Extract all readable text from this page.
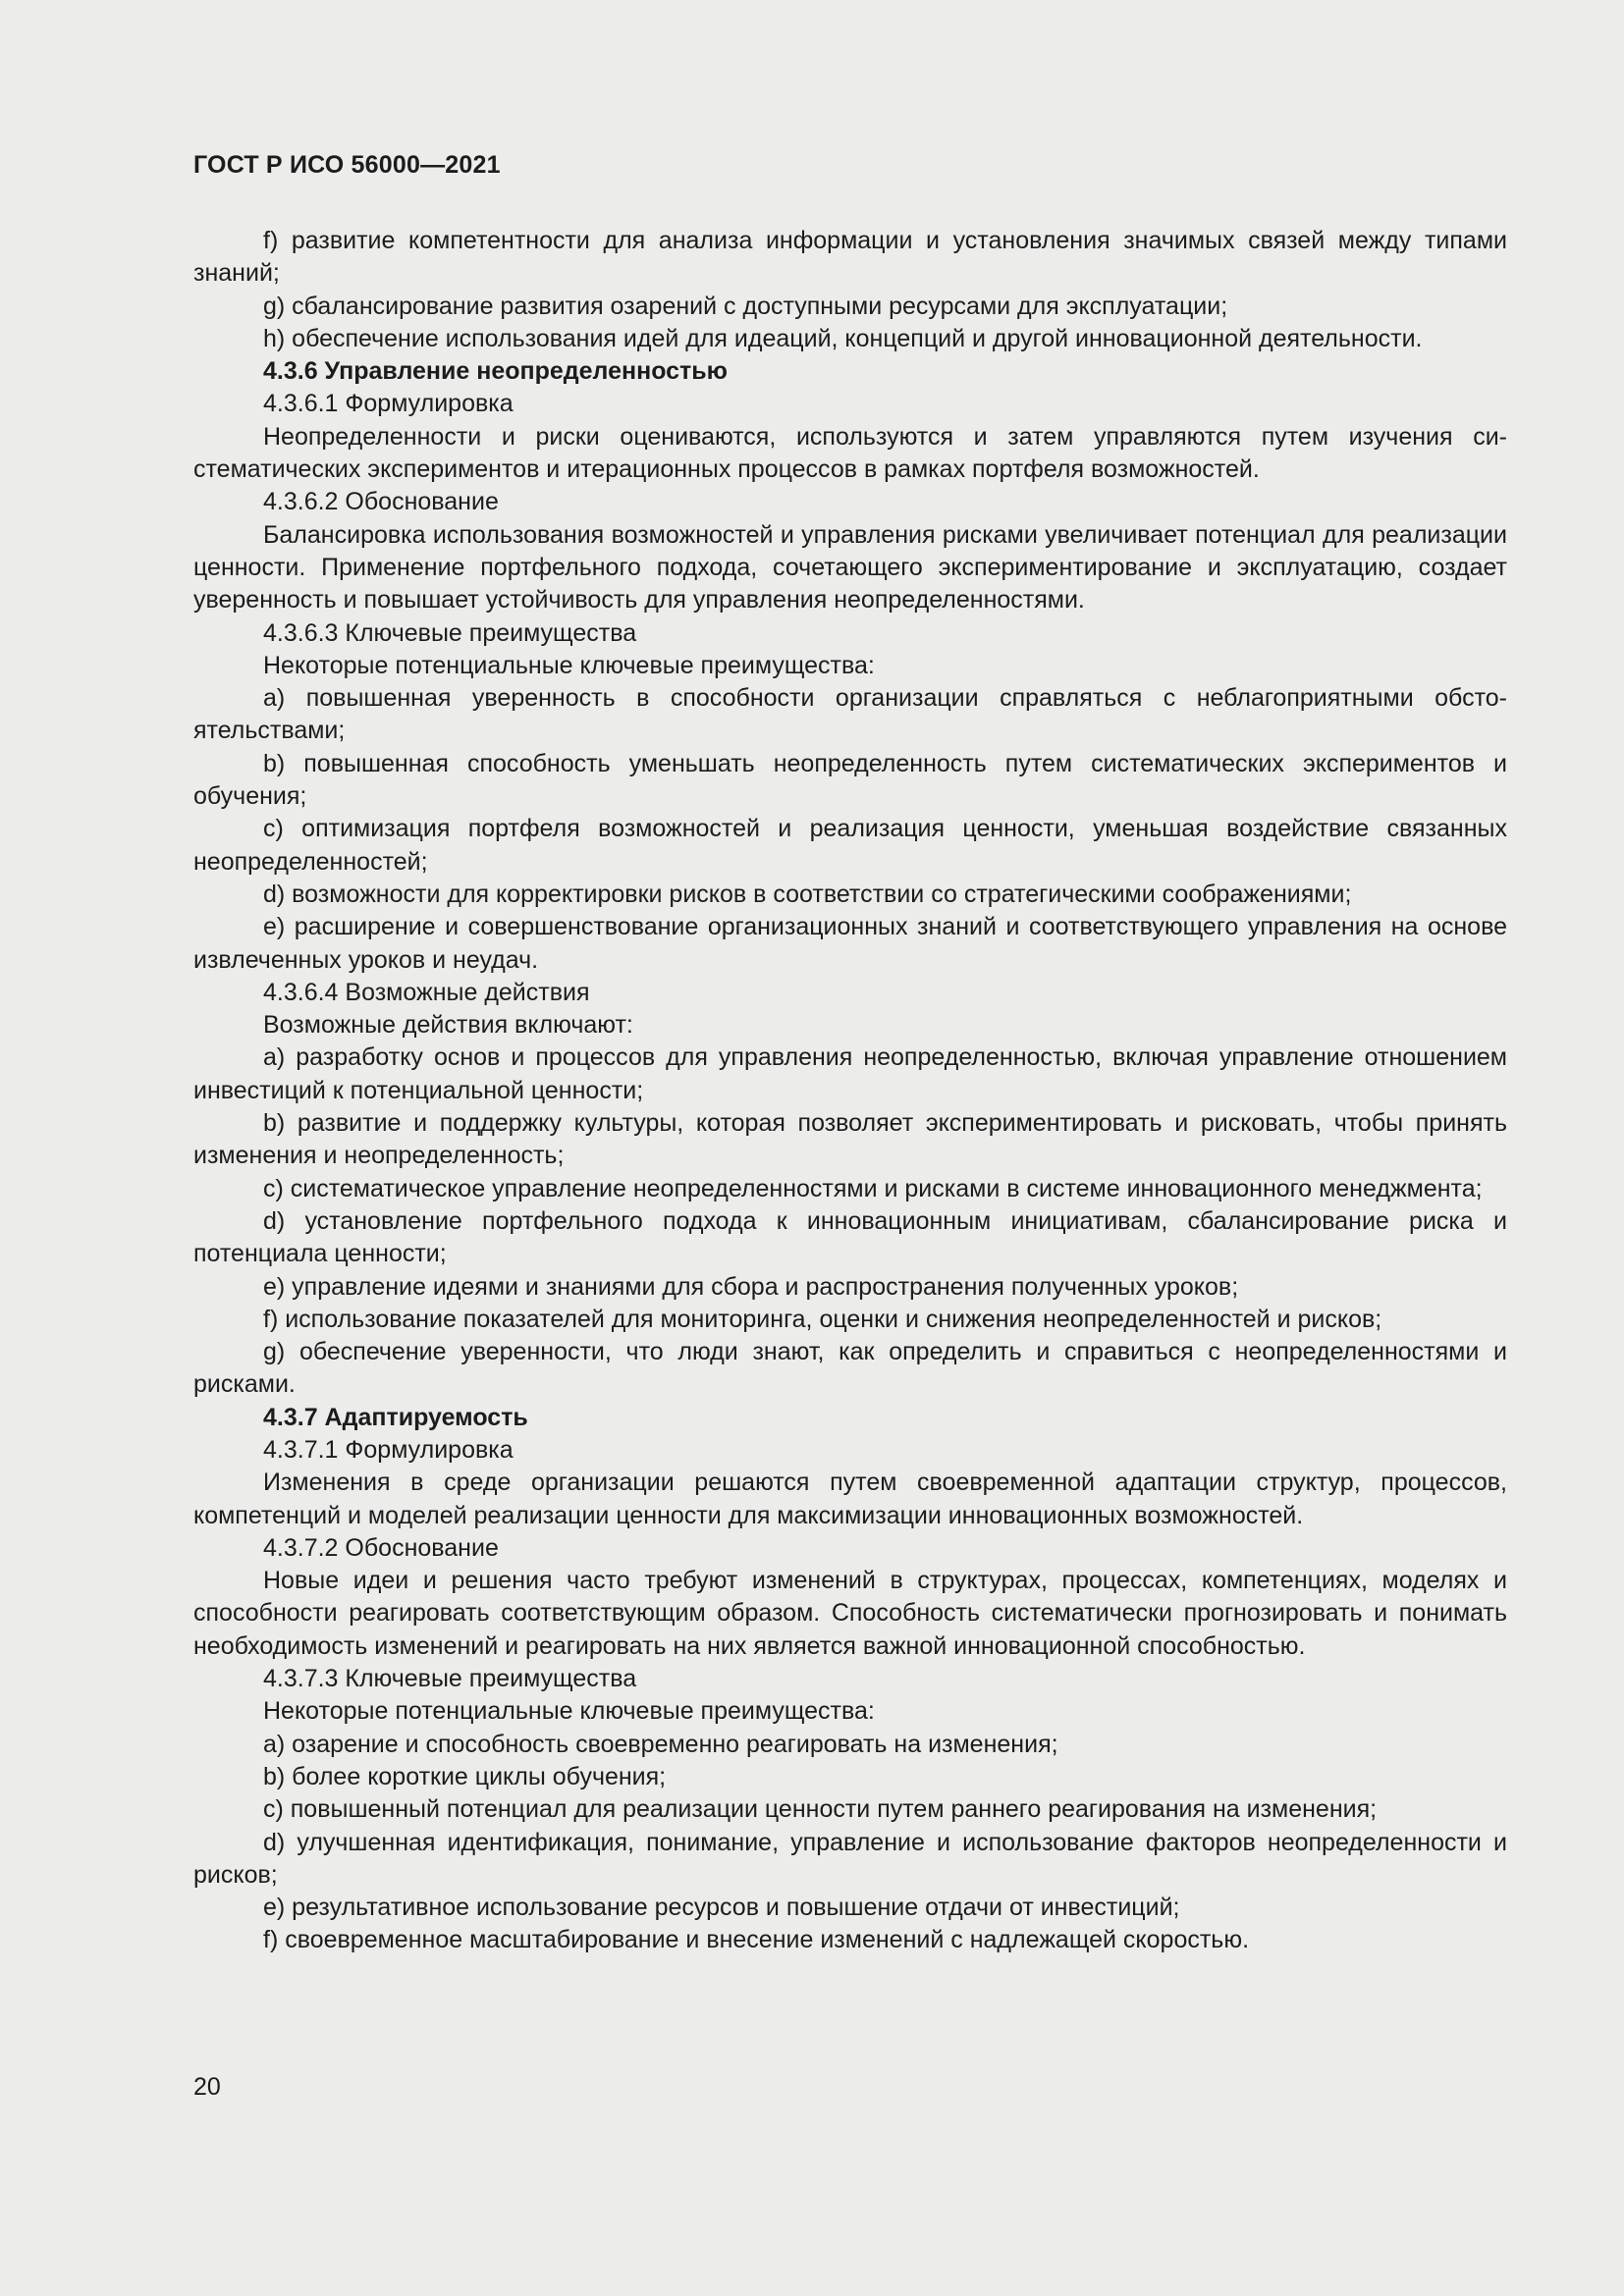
ГОСТ Р ИСО 56000—2021

f) развитие компетентности для анализа информации и установления значимых связей между типами знаний;

g) сбалансирование развития озарений с доступными ресурсами для эксплуатации;

h) обеспечение использования идей для идеаций, концепций и другой инновационной деятельности.

4.3.6 Управление неопределенностью

4.3.6.1 Формулировка

Неопределенности и риски оцениваются, используются и затем управляются путем изучения систематических экспериментов и итерационных процессов в рамках портфеля возможностей.

4.3.6.2 Обоснование

Балансировка использования возможностей и управления рисками увеличивает потенциал для реализации ценности. Применение портфельного подхода, сочетающего экспериментирование и эксплуатацию, создает уверенность и повышает устойчивость для управления неопределенностями.

4.3.6.3 Ключевые преимущества

Некоторые потенциальные ключевые преимущества:

a) повышенная уверенность в способности организации справляться с неблагоприятными обстоятельствами;

b) повышенная способность уменьшать неопределенность путем систематических экспериментов и обучения;

c) оптимизация портфеля возможностей и реализация ценности, уменьшая воздействие связанных неопределенностей;

d) возможности для корректировки рисков в соответствии со стратегическими соображениями;

e) расширение и совершенствование организационных знаний и соответствующего управления на основе извлеченных уроков и неудач.

4.3.6.4 Возможные действия

Возможные действия включают:

a) разработку основ и процессов для управления неопределенностью, включая управление отношением инвестиций к потенциальной ценности;

b) развитие и поддержку культуры, которая позволяет экспериментировать и рисковать, чтобы принять изменения и неопределенность;

c) систематическое управление неопределенностями и рисками в системе инновационного менеджмента;

d) установление портфельного подхода к инновационным инициативам, сбалансирование риска и потенциала ценности;

e) управление идеями и знаниями для сбора и распространения полученных уроков;

f) использование показателей для мониторинга, оценки и снижения неопределенностей и рисков;

g) обеспечение уверенности, что люди знают, как определить и справиться с неопределенностями и рисками.

4.3.7 Адаптируемость

4.3.7.1 Формулировка

Изменения в среде организации решаются путем своевременной адаптации структур, процессов, компетенций и моделей реализации ценности для максимизации инновационных возможностей.

4.3.7.2 Обоснование

Новые идеи и решения часто требуют изменений в структурах, процессах, компетенциях, моделях и способности реагировать соответствующим образом. Способность систематически прогнозировать и понимать необходимость изменений и реагировать на них является важной инновационной способностью.

4.3.7.3 Ключевые преимущества

Некоторые потенциальные ключевые преимущества:

a) озарение и способность своевременно реагировать на изменения;

b) более короткие циклы обучения;

c) повышенный потенциал для реализации ценности путем раннего реагирования на изменения;

d) улучшенная идентификация, понимание, управление и использование факторов неопределенности и рисков;

e) результативное использование ресурсов и повышение отдачи от инвестиций;

f) своевременное масштабирование и внесение изменений с надлежащей скоростью.

20
